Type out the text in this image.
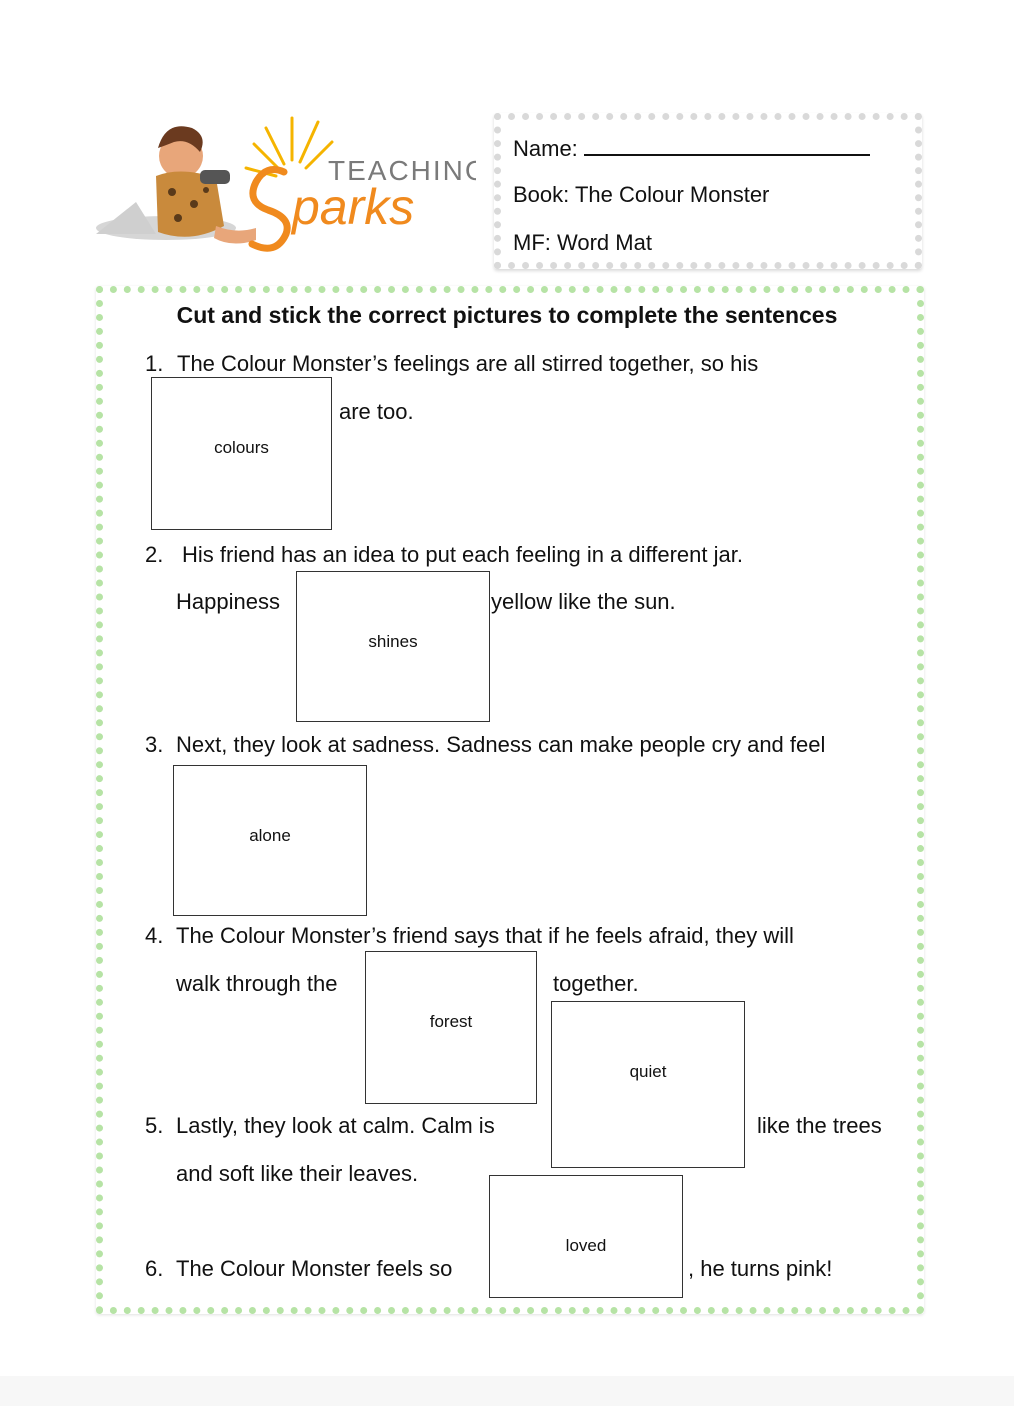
TEACHING
parks
Name:
Book: The Colour Monster
MF: Word Mat
Cut and stick the correct pictures to complete the sentences
1. The Colour Monster’s feelings are all stirred together, so his
colours
are too.
2. His friend has an idea to put each feeling in a different jar.
Happiness
shines
yellow like the sun.
3. Next, they look at sadness. Sadness can make people cry and feel
alone
4. The Colour Monster’s friend says that if he feels afraid, they will
walk through the
forest
together.
quiet
5. Lastly, they look at calm. Calm is	like the trees
and soft like their leaves.
loved
6. The Colour Monster feels so	, he turns pink!
